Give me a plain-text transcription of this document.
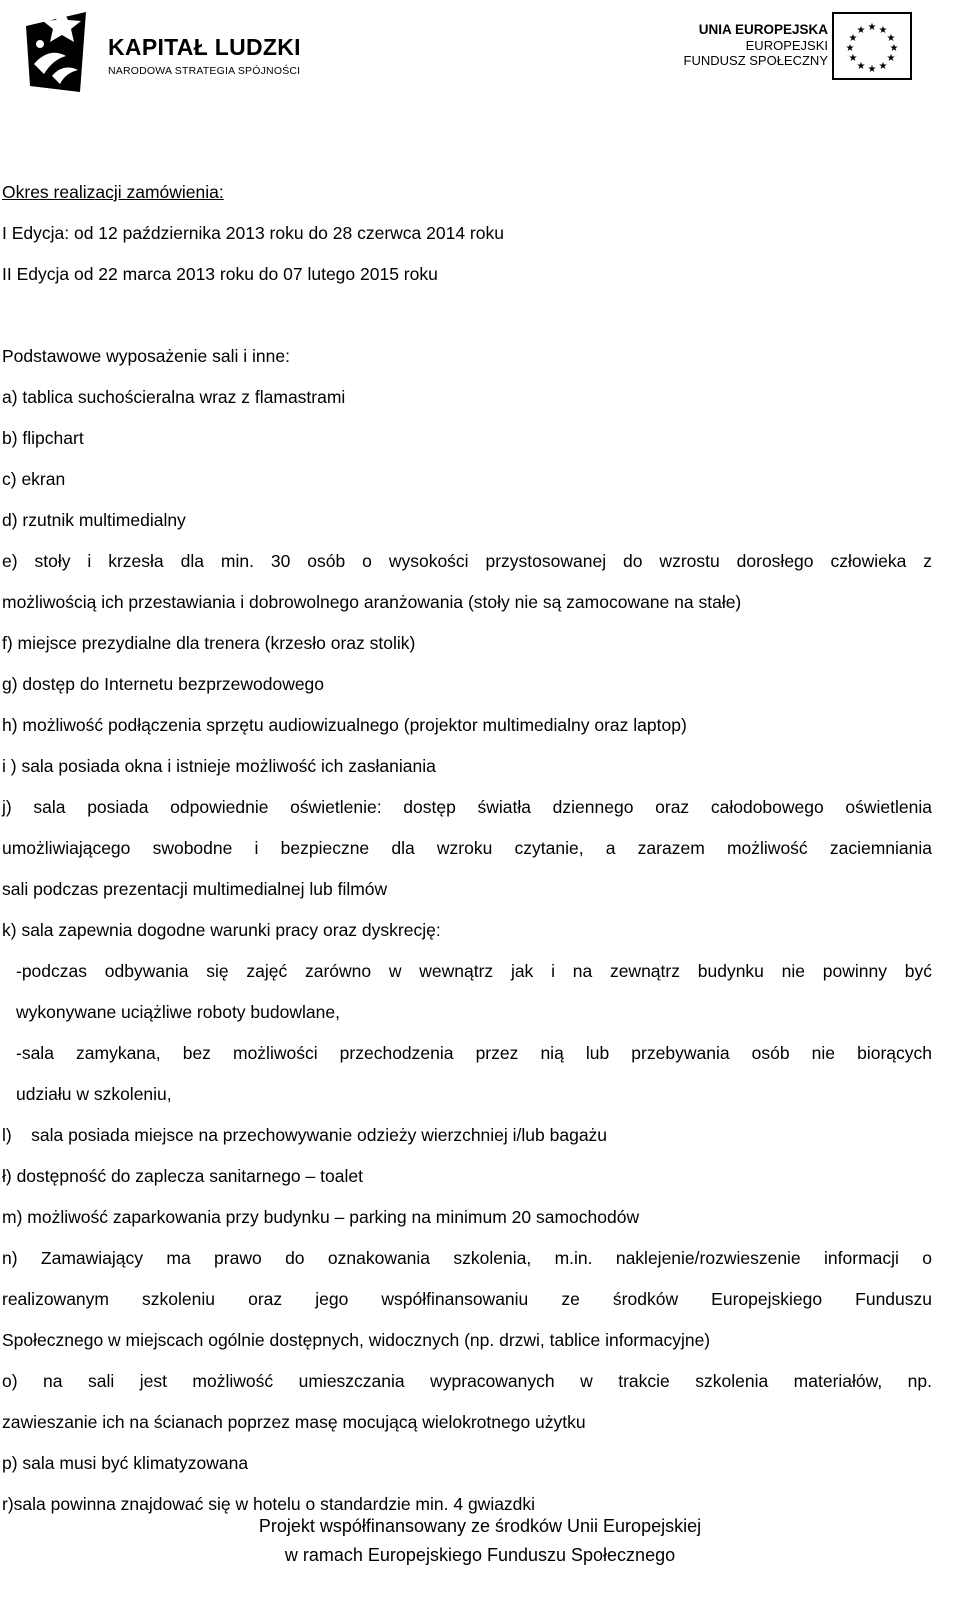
KAPITAŁ LUDZKI
NARODOWA STRATEGIA SPÓJNOŚCI
UNIA EUROPEJSKA
EUROPEJSKI
FUNDUSZ SPOŁECZNY
★ ★
★
★
★
★
★
★
★
★
★
★
Okres realizacji zamówienia:
I Edycja: od 12 października 2013 roku do 28 czerwca 2014 roku
II Edycja od 22 marca 2013 roku do 07 lutego 2015 roku
Podstawowe wyposażenie sali i inne:
a) tablica suchościeralna wraz z flamastrami
b) flipchart
c) ekran
d) rzutnik multimedialny
e) stoły i krzesła dla min. 30 osób o wysokości przystosowanej do wzrostu dorosłego człowieka z
możliwością ich przestawiania i dobrowolnego aranżowania (stoły nie są zamocowane na stałe)
f) miejsce prezydialne dla trenera (krzesło oraz stolik)
g) dostęp do Internetu bezprzewodowego
h) możliwość podłączenia sprzętu audiowizualnego (projektor multimedialny oraz laptop)
i ) sala posiada okna i istnieje możliwość ich zasłaniania
j) sala posiada odpowiednie oświetlenie: dostęp światła dziennego oraz całodobowego oświetlenia
umożliwiającego swobodne i bezpieczne dla wzroku czytanie, a zarazem możliwość zaciemniania
sali podczas prezentacji multimedialnej lub filmów
k) sala zapewnia dogodne warunki pracy oraz dyskrecję:
-podczas odbywania się zajęć zarówno w wewnątrz jak i na zewnątrz budynku nie powinny być
wykonywane uciążliwe roboty budowlane,
-sala zamykana, bez możliwości przechodzenia przez nią lub przebywania osób nie biorących
udziału w szkoleniu,
l)    sala posiada miejsce na przechowywanie odzieży wierzchniej i/lub bagażu
ł) dostępność do zaplecza sanitarnego – toalet
m) możliwość zaparkowania przy budynku – parking na minimum 20 samochodów
n) Zamawiający ma prawo do oznakowania szkolenia, m.in. naklejenie/rozwieszenie informacji o
realizowanym szkoleniu oraz jego współfinansowaniu ze środków Europejskiego Funduszu
Społecznego w miejscach ogólnie dostępnych, widocznych (np. drzwi, tablice informacyjne)
o) na sali jest możliwość umieszczania wypracowanych w trakcie szkolenia materiałów, np.
zawieszanie ich na ścianach poprzez masę mocującą wielokrotnego użytku
p) sala musi być klimatyzowana
r)sala powinna znajdować się w hotelu o standardzie min. 4 gwiazdki
Projekt współfinansowany ze środków Unii Europejskiej
w ramach Europejskiego Funduszu Społecznego
